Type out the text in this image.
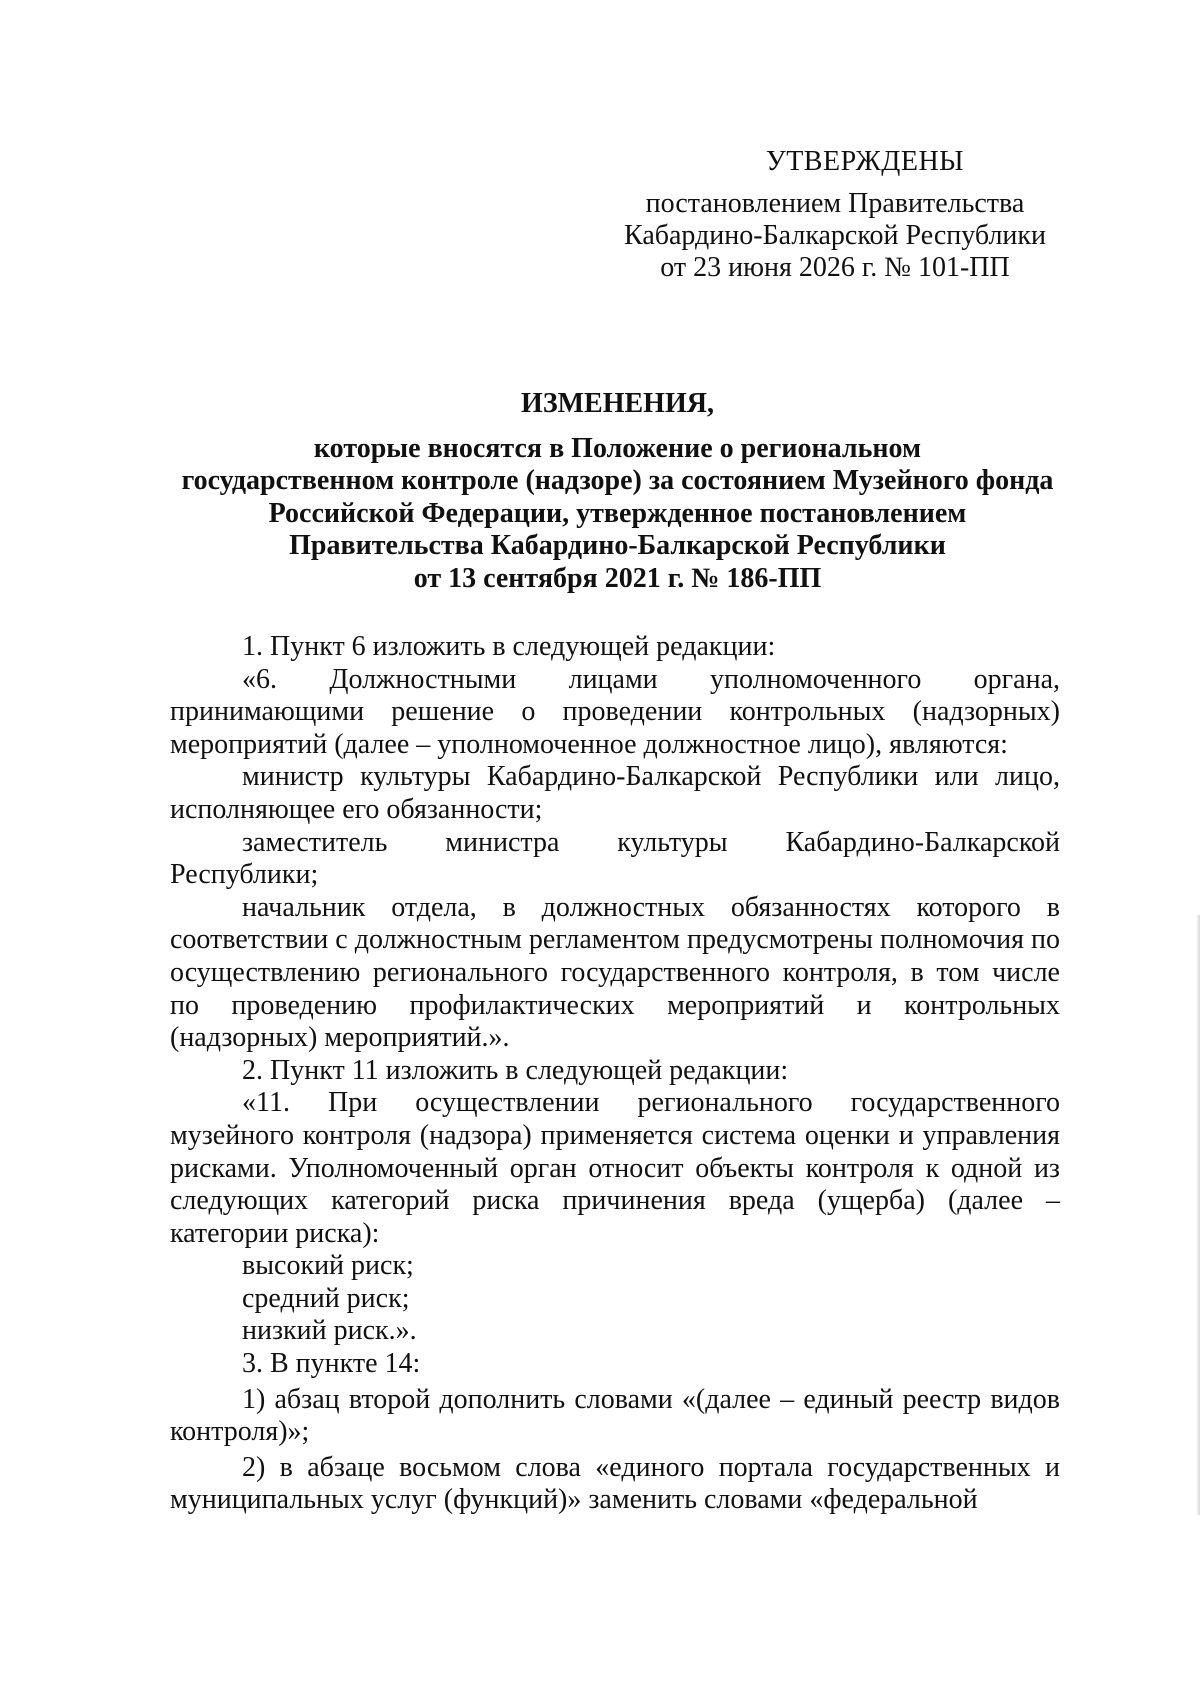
УТВЕРЖДЕНЫ
постановлением Правительства
Кабардино-Балкарской Республики
от 23 июня 2026 г. № 101-ПП
ИЗМЕНЕНИЯ,
которые вносятся в Положение о региональном
государственном контроле (надзоре) за состоянием Музейного фонда
Российской Федерации, утвержденное постановлением
Правительства Кабардино-Балкарской Республики
от 13 сентября 2021 г. № 186-ПП

1. Пункт 6 изложить в следующей редакции:

«6. Должностными лицами уполномоченного органа, принимающими решение о проведении контрольных (надзорных) мероприятий (далее – уполномоченное должностное лицо), являются:

министр культуры Кабардино-Балкарской Республики или лицо, исполняющее его обязанности;

заместитель министра культуры Кабардино-Балкарской Республики;

начальник отдела, в должностных обязанностях которого в соответствии с должностным регламентом предусмотрены полномочия по осуществлению регионального государственного контроля, в том числе по проведению профилактических мероприятий и контрольных (надзорных) мероприятий.».

2. Пункт 11 изложить в следующей редакции:

«11. При осуществлении регионального государственного музейного контроля (надзора) применяется система оценки и управления рисками. Уполномоченный орган относит объекты контроля к одной из следующих категорий риска причинения вреда (ущерба) (далее – категории риска):

высокий риск;

средний риск;

низкий риск.».

3. В пункте 14:

1) абзац второй дополнить словами «(далее – единый реестр видов контроля)»;

2) в абзаце восьмом слова «единого портала государственных и муниципальных услуг (функций)» заменить словами «федеральной
